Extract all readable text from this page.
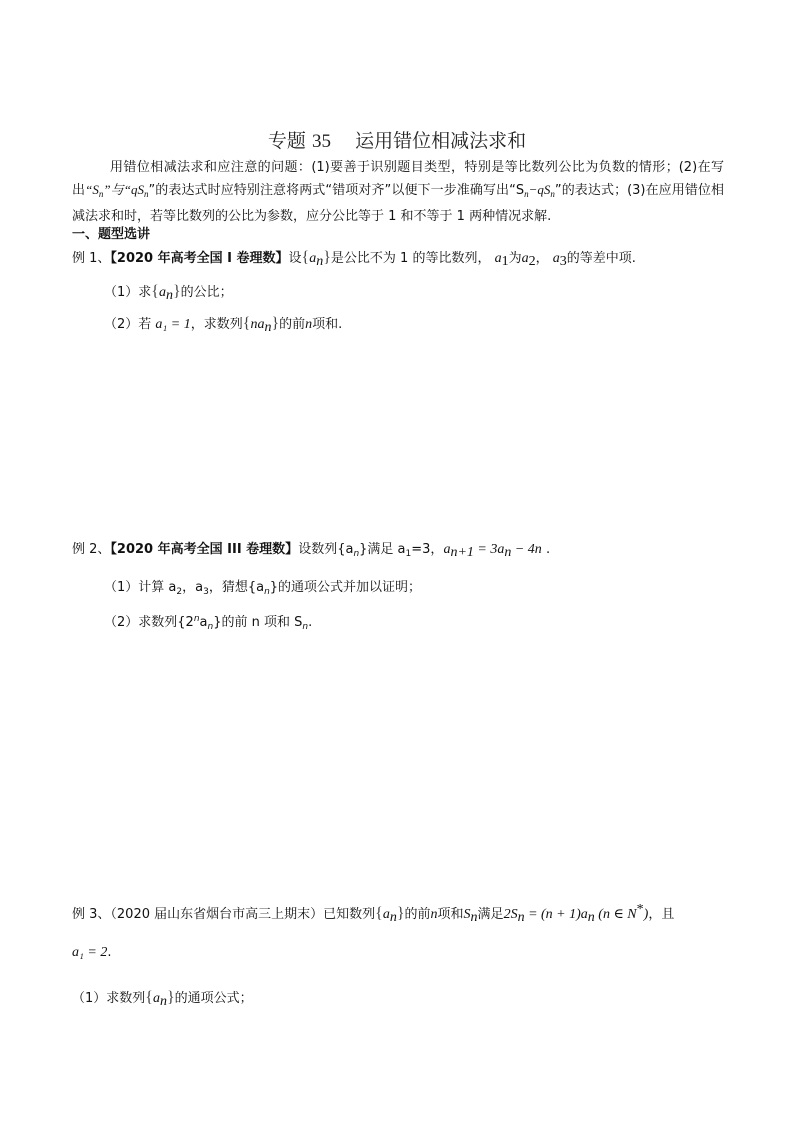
专题 35 运用错位相减法求和
用错位相减法求和应注意的问题：(1)要善于识别题目类型，特别是等比数列公比为负数的情形；(2)在写出“$S_n$”与“$qS_n$”的表达式时应特别注意将两式“错项对齐”以便下一步准确写出“$S_n-qS_n$”的表达式；(3)在应用错位相减法求和时，若等比数列的公比为参数，应分公比等于 1 和不等于 1 两种情况求解.
一、题型选讲
例 1、【2020 年高考全国 I 卷理数】设$\{a_n\}$是公比不为 1 的等比数列， $a_1$为$a_2$， $a_3$的等差中项.
（1）求$\{a_n\}$的公比；
（2）若 a₁ = 1，求数列$\{na_n\}$的前n项和.
例 2、【2020 年高考全国 III 卷理数】设数列$\{a_n\}$满足 $a_1=3$，$a_{n+1} = 3a_n - 4n$ .
（1）计算 $a_2$，$a_3$，猜想$\{a_n\}$的通项公式并加以证明；
（2）求数列$\{2^na_n\}$的前 n 项和 $S_n$.
例 3、（2020 届山东省烟台市高三上期末）已知数列$\{a_n\}$的前n项和$S_n$满足$2S_n = (n + 1)a_n$ (n ∈ N*)，且
a₁ = 2.
（1）求数列$\{a_n\}$的通项公式；
